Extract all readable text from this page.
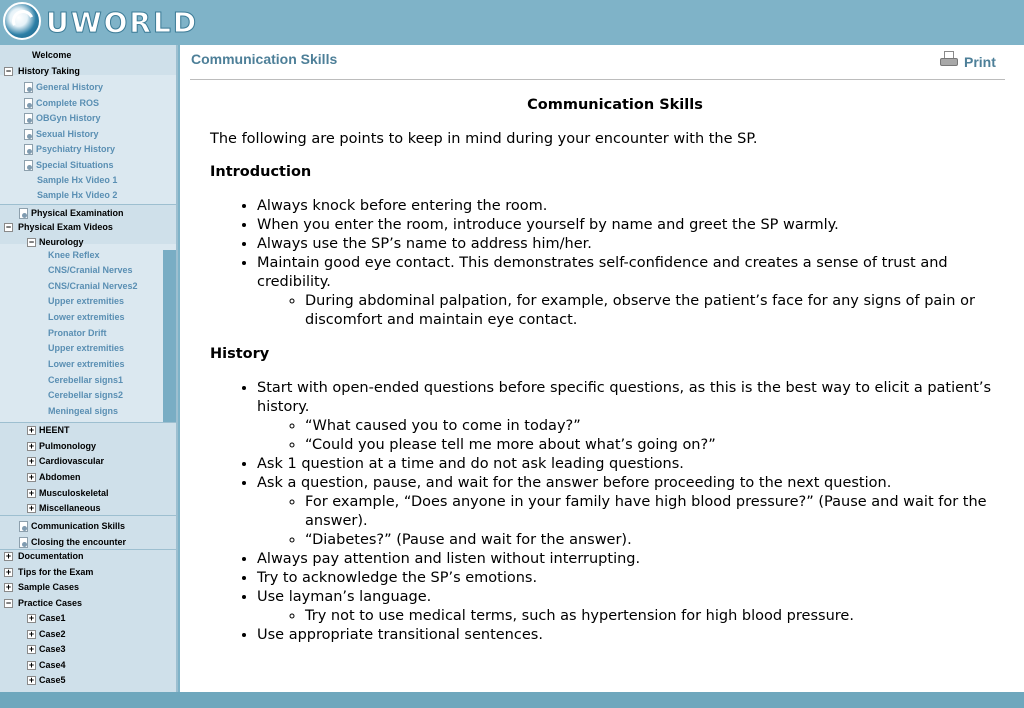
UWORLD
Welcome
− History Taking
General History
Complete ROS
OBGyn History
Sexual History
Psychiatry History
Special Situations
Sample Hx Video 1
Sample Hx Video 2
Physical Examination
− Physical Exam Videos
− Neurology
Knee Reflex
CNS/Cranial Nerves
CNS/Cranial Nerves2
Upper extremities
Lower extremities
Pronator Drift
Upper extremities
Lower extremities
Cerebellar signs1
Cerebellar signs2
Meningeal signs
+ HEENT
+ Pulmonology
+ Cardiovascular
+ Abdomen
+ Musculoskeletal
+ Miscellaneous
Communication Skills
Closing the encounter
+ Documentation
+ Tips for the Exam
+ Sample Cases
− Practice Cases
+ Case1
+ Case2
+ Case3
+ Case4
+ Case5
Communication Skills	Print
Communication Skills

The following are points to keep in mind during your encounter with the SP.

Introduction
• Always knock before entering the room.
• When you enter the room, introduce yourself by name and greet the SP warmly.
• Always use the SP’s name to address him/her.
• Maintain good eye contact. This demonstrates self-confidence and creates a sense of trust and credibility.
◦ During abdominal palpation, for example, observe the patient’s face for any signs of pain or discomfort and maintain eye contact.
History
• Start with open-ended questions before specific questions, as this is the best way to elicit a patient’s history.
◦ “What caused you to come in today?”
◦ “Could you please tell me more about what’s going on?”
• Ask 1 question at a time and do not ask leading questions.
• Ask a question, pause, and wait for the answer before proceeding to the next question.
◦ For example, “Does anyone in your family have high blood pressure?” (Pause and wait for the answer).
◦ “Diabetes?” (Pause and wait for the answer).
• Always pay attention and listen without interrupting.
• Try to acknowledge the SP’s emotions.
• Use layman’s language.
◦ Try not to use medical terms, such as hypertension for high blood pressure.
• Use appropriate transitional sentences.
